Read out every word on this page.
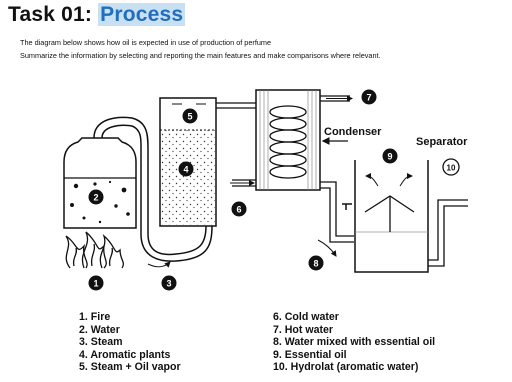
Task 01: Process
The diagram below shows how oil is expected in use of production of perfume
Summarize the information by selecting and reporting the main features and make comparisons where relevant.
1
2
3
4
5
6
7
8
9
10
Condenser
Separator
1. Fire
2. Water
3. Steam
4. Aromatic plants
5. Steam + Oil vapor
6. Cold water
7. Hot water
8. Water mixed with essential oil
9. Essential oil
10. Hydrolat (aromatic water)
